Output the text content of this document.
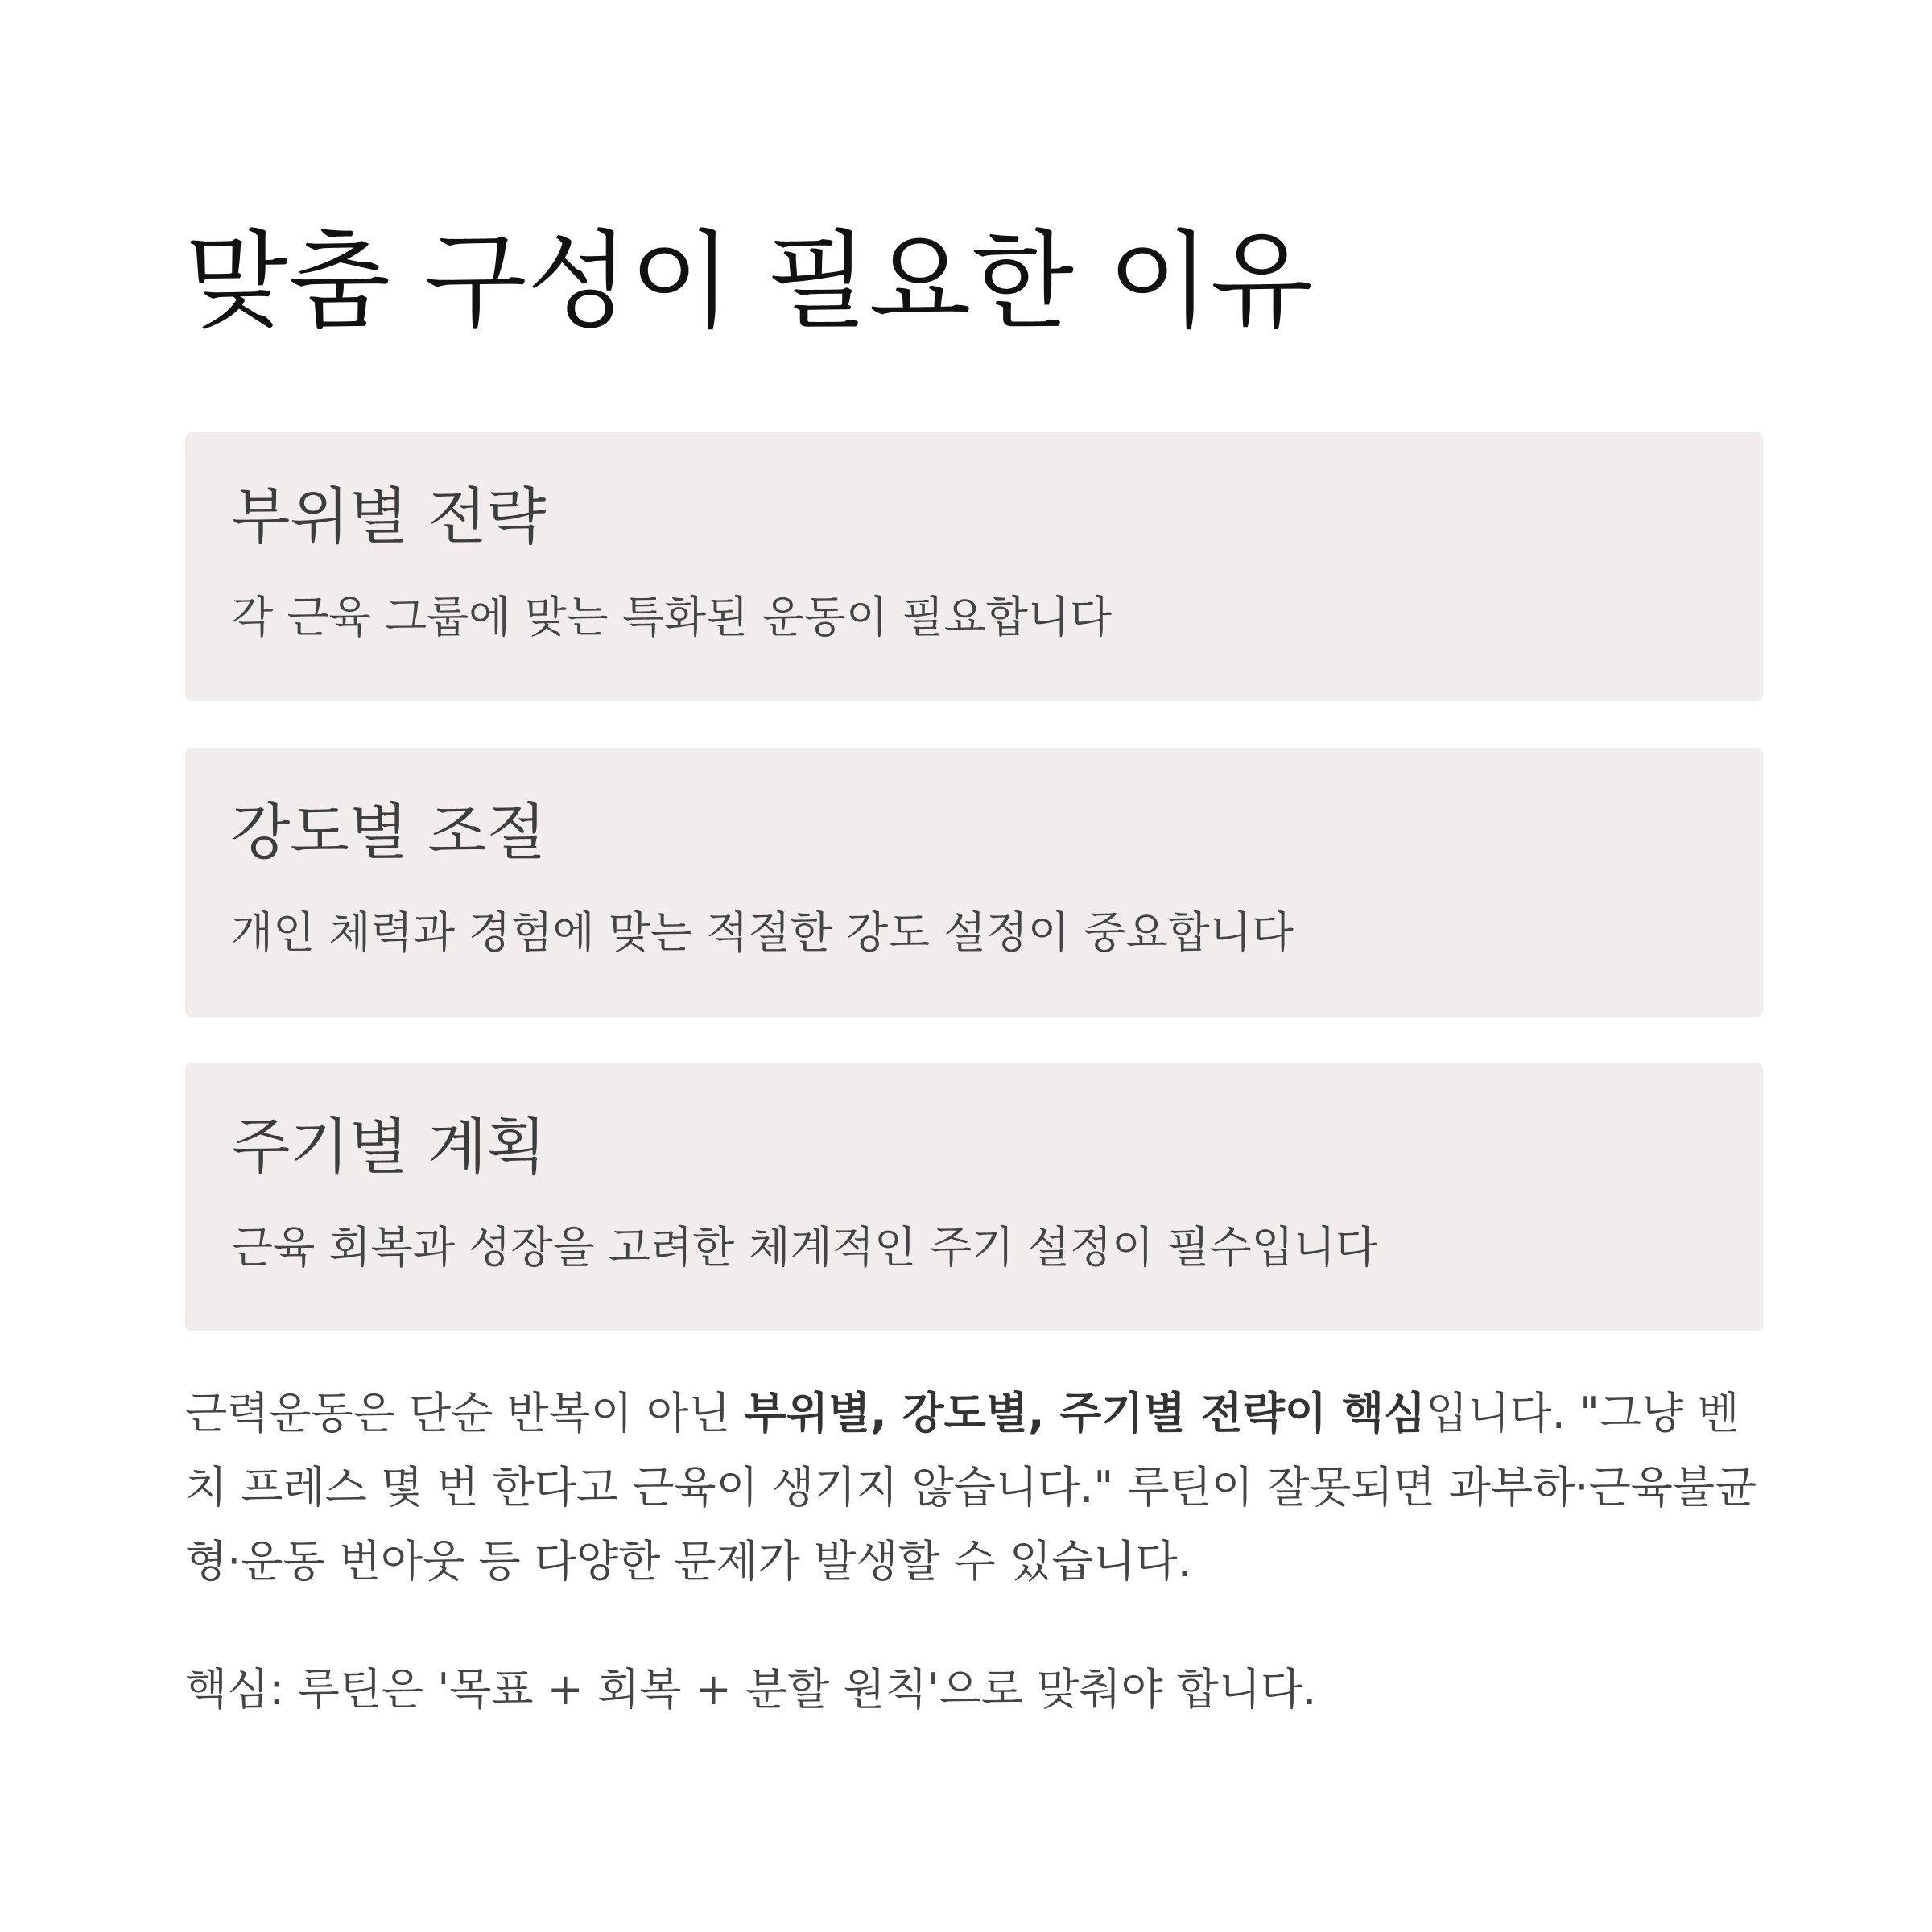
맞춤 구성이 필요한 이유
부위별 전략

각 근육 그룹에 맞는 특화된 운동이 필요합니다

강도별 조절

개인 체력과 경험에 맞는 적절한 강도 설정이 중요합니다

주기별 계획

근육 회복과 성장을 고려한 체계적인 주기 설정이 필수입니다

근력운동은 단순 반복이 아닌 부위별, 강도별, 주기별 전략이 핵심입니다. "그냥 벤치 프레스 몇 번 한다고 근육이 생기지 않습니다." 루틴이 잘못되면 과부하·근육불균형·운동 번아웃 등 다양한 문제가 발생할 수 있습니다.

핵심: 루틴은 '목표 + 회복 + 분할 원칙'으로 맞춰야 합니다.
